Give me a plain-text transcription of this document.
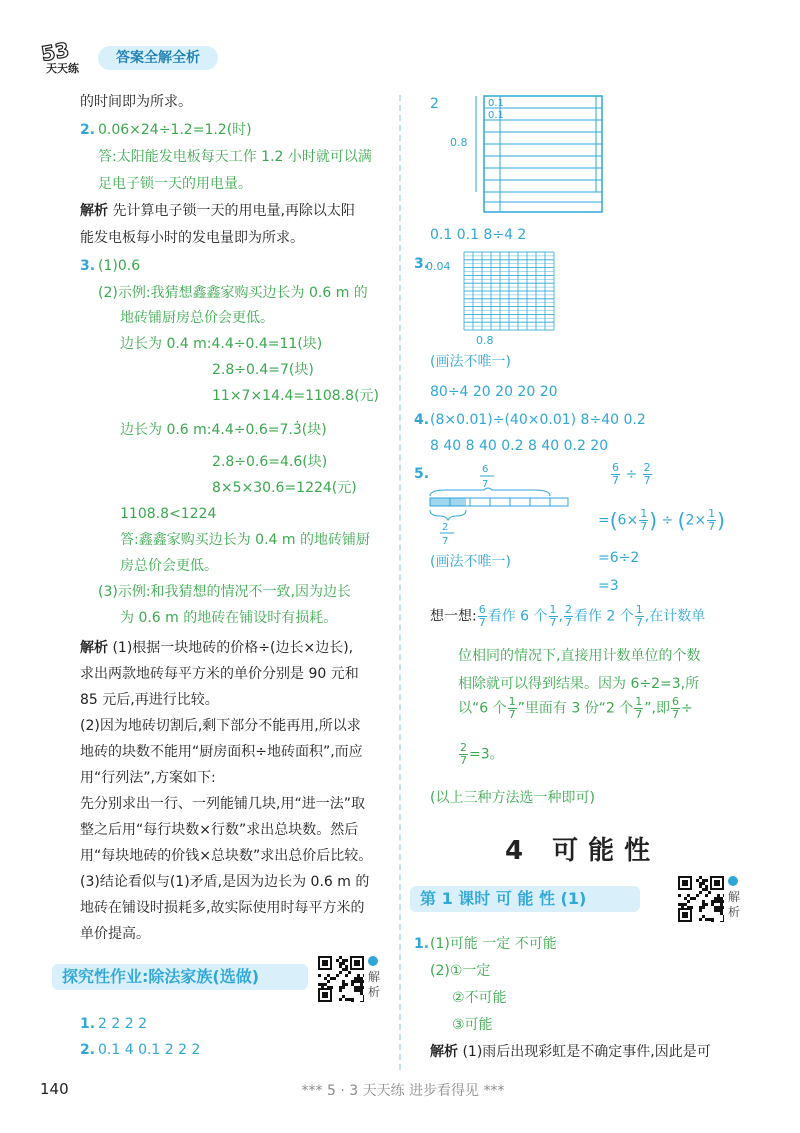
53
天天练
答案全解全析
的时间即为所求。
2. 0.06×24÷1.2=1.2(时)
答:太阳能发电板每天工作 1.2 小时就可以满
足电子锁一天的用电量。
解析 先计算电子锁一天的用电量,再除以太阳
能发电板每小时的发电量即为所求。
3. (1)0.6
(2)示例:我猜想鑫鑫家购买边长为 0.6 m 的
地砖铺厨房总价会更低。
边长为 0.4 m:4.4÷0.4=11(块)
2.8÷0.4=7(块)
11×7×14.4=1108.8(元)
边长为 0.6 m:4.4÷0.6=7.3̇(块)
2.8÷0.6=4.6̇(块)
8×5×30.6=1224(元)
1108.8<1224
答:鑫鑫家购买边长为 0.4 m 的地砖铺厨
房总价会更低。
(3)示例:和我猜想的情况不一致,因为边长
为 0.6 m 的地砖在铺设时有损耗。
解析 (1)根据一块地砖的价格÷(边长×边长),
求出两款地砖每平方米的单价分别是 90 元和
85 元后,再进行比较。
(2)因为地砖切割后,剩下部分不能再用,所以求
地砖的块数不能用“厨房面积÷地砖面积”,而应
用“行列法”,方案如下:
先分别求出一行、一列能铺几块,用“进一法”取
整之后用“每行块数×行数”求出总块数。然后
用“每块地砖的价钱×总块数”求出总价后比较。
(3)结论看似与(1)矛盾,是因为边长为 0.6 m 的
地砖在铺设时损耗多,故实际使用时每平方米的
单价提高。
探究性作业:除法家族(选做)	解析
1. 2 2 2 2
2. 0.1 4 0.1 2 2 2
2	0.1
0.1
0.8
0.1 0.1 8÷4 2
3.
0.04
0.8
(画法不唯一)
80÷4 20 20 20 20
4. (8×0.01)÷(40×0.01) 8÷40 0.2
8 40 8 40 0.2 8 40 0.2 20
5.	6
7
2
7
(画法不唯一)
$\frac{6}{7} \div \frac{2}{7}$
$=(6\times \frac{1}{7}$ ) ÷ ($2\times \frac{1}{7}$ )
=6÷2
=3
想一想: $\frac{6}{7}$ 看作 6 个 $\frac{1}{7}$ , $\frac{2}{7}$ 看作 2 个 $\frac{1}{7}$ ,在计数单
位相同的情况下,直接用计数单位的个数
相除就可以得到结果。因为 6÷2=3,所
以“6 个 $\frac{1}{7}$ ”里面有 3 份“2 个 $\frac{1}{7}$ ”,即 $\frac{6}{7}$ ÷
$\frac{2}{7} =3$。
(以上三种方法选一种即可)
4 可能性
第 1 课时 可 能 性 (1)	解析
1. (1)可能 一定 不可能
(2)①一定
②不可能
③可能
解析 (1)雨后出现彩虹是不确定事件,因此是可
140	*** 5 · 3 天天练 进步看得见 ***
